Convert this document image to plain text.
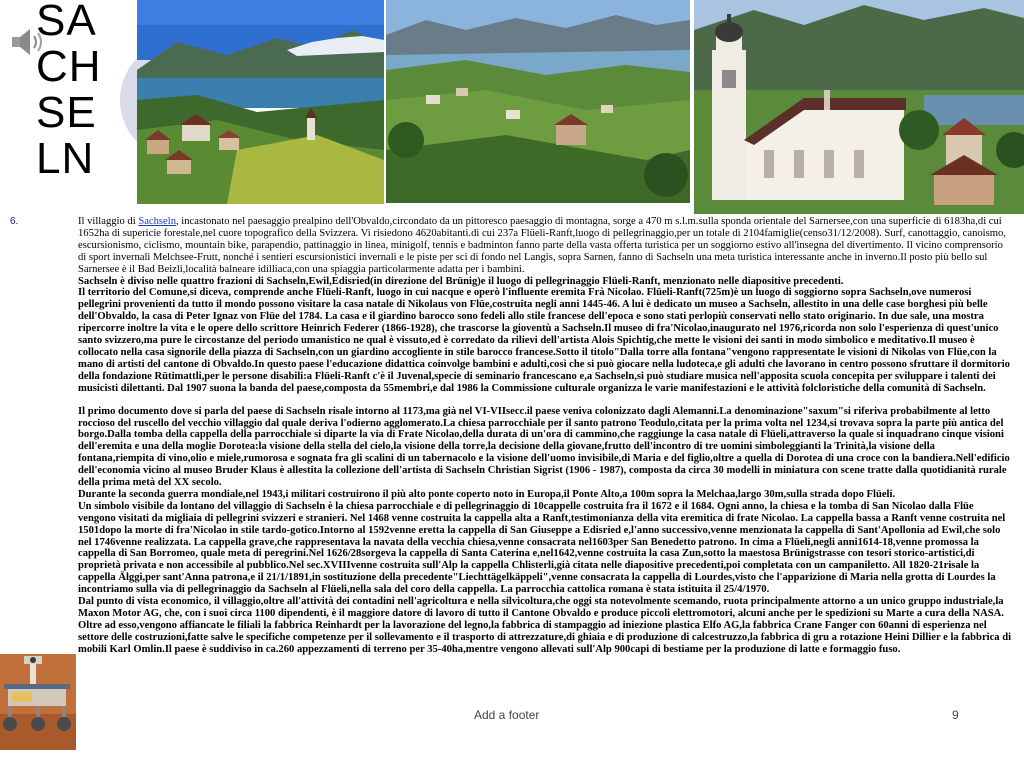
SA
CH
SE
LN
6.	Il villaggio di Sachseln, incastonato nel paesaggio prealpino dell'Obvaldo,circondato da un pittoresco paesaggio di montagna, sorge a 470 m s.l.m.sulla sponda orientale del Sarnersee,con una superficie di 6183ha,di cui 1652ha di supericie forestale,nel cuore topografico della Svizzera. Vi risiedono 4620abitanti.di cui 237a Flüeli-Ranft,luogo di pellegrinaggio,per un totale di 2104famiglie(censo31/12/2008). Surf, canottaggio, canoismo, escursionismo, ciclismo, mountain bike, parapendio, pattinaggio in linea, minigolf, tennis e badminton fanno parte della vasta offerta turistica per un soggiorno estivo all'insegna del divertimento. Il vicino comprensorio di sport invernali Melchsee-Frutt, nonché i sentieri escursionistici invernali e le piste per sci di fondo nel Langis, sopra Sarnen, fanno di Sachseln una meta turistica interessante anche in inverno.Il posto più bello sul Sarnersee è il Bad Beizli,località balneare idilliaca,con una spiaggia particolarmente adatta per i bambini.

Sachseln è diviso nelle quattro frazioni di Sachseln,Ewil,Edisried(in direzione del Brünig)e il luogo di pellegrinaggio Flüeli-Ranft, menzionato nelle diapositive precedenti.

Il territorio del Comune,si diceva, comprende anche Flüeli-Ranft, luogo in cui nacque e operò l'influente eremita Frà Nicolao. Flüeli-Ranft(725m)è un luogo di soggiorno sopra Sachseln,ove numerosi pellegrini provenienti da tutto il mondo possono visitare la casa natale di Nikolaus von Flüe,costruita negli anni 1445-46. A lui è dedicato un museo a Sachseln, allestito in una delle case borghesi più belle dell'Obvaldo, la casa di Peter Ignaz von Flüe del 1784. La casa e il giardino barocco sono fedeli allo stile francese dell'epoca e sono stati perlopiù conservati nello stato originario. In due sale, una mostra ripercorre inoltre la vita e le opere dello scrittore Heinrich Federer (1866-1928), che trascorse la gioventù a Sachseln.Il museo di fra'Nicolao,inaugurato nel 1976,ricorda non solo l'esperienza di quest'unico santo svizzero,ma pure le circostanze del periodo umanistico ne qual è vissuto,ed è corredato da rilievi dell'artista Alois Spichtig,che mette le visioni dei santi in modo simbolico e meditativo.Il museo è collocato nella casa signorile della piazza di Sachseln,con un giardino accogliente in stile barocco francese.Sotto il titolo"Dalla torre alla fontana"vengono rappresentate le visioni di Nikolas von Flüe,con la mano di artisti del cantone di Obvaldo.In questo paese l'educazione didattica coinvolge bambini e adulti,così che si può giocare nella ludoteca,e gli adulti che lavorano in centro possono sfruttare il dormitorio della fondazione Rütimattli,per le persone disabili:a Flüeli-Ranft c'è il Juvenal,specie di seminario francescano e,a Sachseln,si può studiare musica nell'apposita scuola concepita per sviluppare i talenti dei musicisti dilettanti. Dal 1907 suona la banda del paese,composta da 55membri,e dal 1986 la Commissione culturale organizza le varie manifestazioni e le attività folcloristiche della comunità di Sachseln.

Il primo documento dove si parla del paese di Sachseln risale intorno al 1173,ma già nel VI-VIIsecc.il paese veniva colonizzato dagli Alemanni.La denominazione"saxum"si riferiva probabilmente al letto roccioso del ruscello del vecchio villaggio dal quale deriva l'odierno agglomerato.La chiesa parrocchiale per il santo patrono Teodulo,citata per la prima volta nel 1234,si trovava sopra la parte più antica del borgo.Dalla tomba della cappella della parrocchiale si diparte la via di Frate Nicolao,della durata di un'ora di cammino,che raggiunge la casa natale di Flüeli,attraverso la quale si inquadrano cinque visioni dell'eremita e una della moglie Dorotea:la visione della stella del cielo,la visione della torre,la decisione della giovane,frutto dell'incontro di tre uomini simboleggianti la Trinità,la visione della fontana,riempita di vino,olio e miele,rumorosa e sognata fra gli scalini di un tabernacolo e la visione dell'uomo invisibile,di Maria e del figlio,oltre a quella di Dorotea di una croce con la bandiera.Nell'edificio dell'economia vicino al museo Bruder Klaus è allestita la collezione dell'artista di Sachseln Christian Sigrist (1906 - 1987), composta da circa 30 modelli in miniatura con scene tratte dalla quotidianità rurale della prima metà del XX secolo.

Durante la seconda guerra mondiale,nel 1943,i militari costruirono il più alto ponte coperto noto in Europa,il Ponte Alto,a 100m sopra la Melchaa,largo 30m,sulla strada dopo Flüeli.

Un simbolo visibile da lontano del villaggio di Sachseln è la chiesa parrocchiale e di pellegrinaggio di 10cappelle costruita fra il 1672 e il 1684. Ogni anno, la chiesa e la tomba di San Nicolao dalla Flüe vengono visitati da migliaia di pellegrini svizzeri e stranieri. Nel 1468 venne costruita la cappella alta a Ranft,testimonianza della vita eremitica di frate Nicolao. La cappella bassa a Ranft venne costruita nel 1501dopo la morte di fra'Nicolao in stile tardo-gotico.Intorno al 1592venne eretta la cappella di San Giuseppe a Edisried e,l'anno successivo,venne menzionata la cappella di Sant'Apollonia ad Ewil,che solo nel 1746venne realizzata. La cappella grave,che rappresentava la navata della vecchia chiesa,venne consacrata nel1603per San Benedetto patrono. In cima a Flüeli,negli anni1614-18,venne promossa la cappella di San Borromeo, quale meta di peregrini.Nel 1626/28sorgeva la cappella di Santa Caterina e,nel1642,venne costruita la casa Zun,sotto la maestosa Brünigstrasse con tesori storico-artistici,di proprietà privata e non accessibile al pubblico.Nel sec.XVIIIvenne costruita sull'Alp la cappella Chlisterli,già citata nelle diapositive precedenti,poi completata con un campaniletto. All 1820-21risale la cappella Älggi,per sant'Anna patrona,e il 21/1/1891,in sostituzione della precedente"Liechttägelkäppeli",venne consacrata la cappella di Lourdes,visto che l'apparizione di Maria nella grotta di Lourdes la incontriamo sulla via di pellegrinaggio da Sachseln al Flüeli,nella sala del coro della cappella. La parrocchia cattolica romana è stata istituita il 25/4/1970.

Dal punto di vista economico, il villaggio,oltre all'attività dei contadini nell'agricoltura e nella silvicoltura,che oggi sta notevolmente scemando, ruota principalmente attorno a un unico gruppo industriale,la Maxon Motor AG, che, con i suoi circa 1100 dipendenti, è il maggiore datore di lavoro di tutto il Cantone Obvaldo e produce piccoli elettromotori, alcuni anche per le spedizioni su Marte a cura della NASA. Oltre ad esso,vengono affiancate le filiali la fabbrica Reinhardt per la lavorazione del legno,la fabbrica di stampaggio ad iniezione plastica Elfo AG,la fabbrica Crane Fanger con 60anni di esperienza nel settore delle costruzioni,fatte salve le specifiche competenze per il sollevamento e il trasporto di attrezzature,di ghiaia e di produzione di calcestruzzo,la fabbrica di gru a rotazione Heini Dillier e la fabbrica di mobili Karl Omlin.Il paese è suddiviso in ca.260 appezzamenti di terreno per 35-40ha,mentre vengono allevati sull'Alp 900capi di bestiame per la produzione di latte e formaggio fuso.

Add a footer	9
